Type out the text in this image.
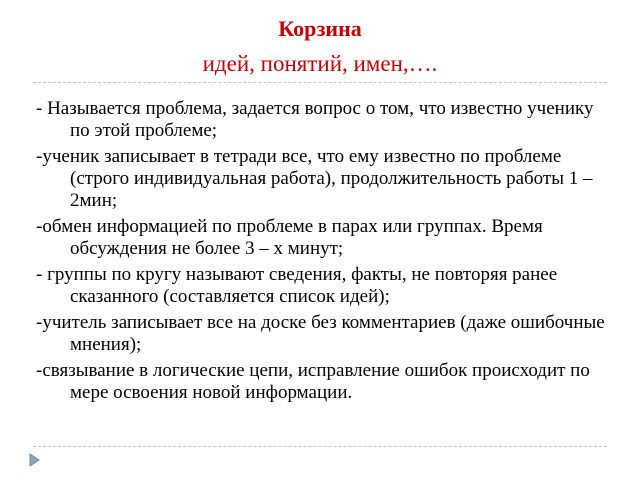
Корзина
идей, понятий, имен,….
- Называется проблема, задается вопрос о том, что известно ученику по этой проблеме;
-ученик записывает в тетради все, что ему известно по проблеме (строго индивидуальная работа), продолжительность работы 1 – 2мин;
-обмен информацией по проблеме в парах или группах. Время обсуждения не более 3 – х минут;
- группы по кругу называют сведения, факты, не повторяя ранее сказанного (составляется список идей);
-учитель записывает все на доске без комментариев (даже ошибочные мнения);
-связывание в логические цепи, исправление ошибок происходит по мере освоения новой информации.
